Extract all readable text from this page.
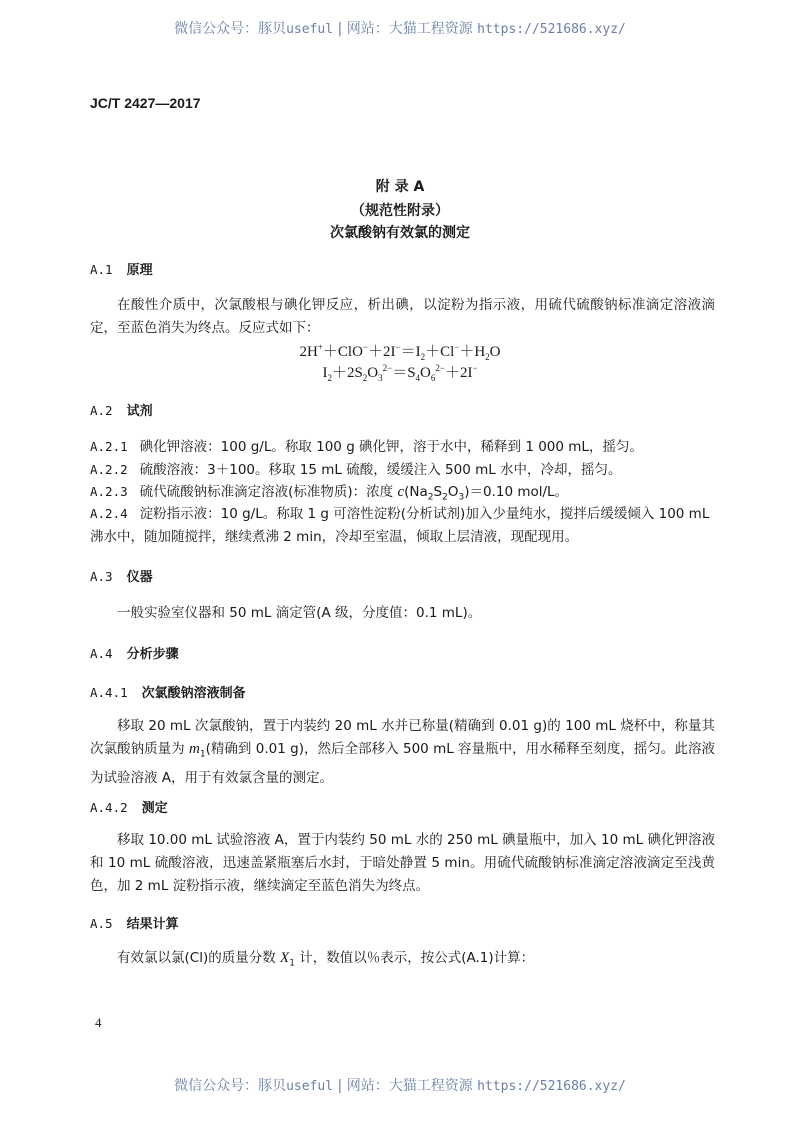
微信公众号：豚贝useful | 网站：大猫工程资源 https://521686.xyz/
JC/T 2427—2017
附 录 A
（规范性附录）
次氯酸钠有效氯的测定
A.1 原理
在酸性介质中，次氯酸根与碘化钾反应，析出碘，以淀粉为指示液，用硫代硫酸钠标准滴定溶液滴定，至蓝色消失为终点。反应式如下：
$2H^++ClO^-+2I^-=I_2+Cl^-+H_2O$
$I_2+2S_2O_3^{2-}=S_4O_6^{2-}+2I^-$
A.2 试剂
A.2.1 碘化钾溶液：100 g/L。称取 100 g 碘化钾，溶于水中，稀释到 1 000 mL，摇匀。
A.2.2 硫酸溶液：3＋100。移取 15 mL 硫酸，缓缓注入 500 mL 水中，冷却，摇匀。
A.2.3 硫代硫酸钠标准滴定溶液(标准物质)：浓度 $c(Na_2S_2O_3)=0.10$ mol/L。
A.2.4 淀粉指示液：10 g/L。称取 1 g 可溶性淀粉(分析试剂)加入少量纯水，搅拌后缓缓倾入 100 mL 沸水中，随加随搅拌，继续煮沸 2 min，冷却至室温，倾取上层清液，现配现用。
A.3 仪器
一般实验室仪器和 50 mL 滴定管(A 级，分度值：0.1 mL)。
A.4 分析步骤
A.4.1 次氯酸钠溶液制备
移取 20 mL 次氯酸钠，置于内装约 20 mL 水并已称量(精确到 0.01 g)的 100 mL 烧杯中，称量其次氯酸钠质量为 $m_1$(精确到 0.01 g)，然后全部移入 500 mL 容量瓶中，用水稀释至刻度，摇匀。此溶液为试验溶液 A，用于有效氯含量的测定。
A.4.2 测定
移取 10.00 mL 试验溶液 A，置于内装约 50 mL 水的 250 mL 碘量瓶中，加入 10 mL 碘化钾溶液和 10 mL 硫酸溶液，迅速盖紧瓶塞后水封，于暗处静置 5 min。用硫代硫酸钠标准滴定溶液滴定至浅黄色，加 2 mL 淀粉指示液，继续滴定至蓝色消失为终点。
A.5 结果计算
有效氯以氯(Cl)的质量分数 $X_1$ 计，数值以％表示，按公式(A.1)计算：
4
微信公众号：豚贝useful | 网站：大猫工程资源 https://521686.xyz/
